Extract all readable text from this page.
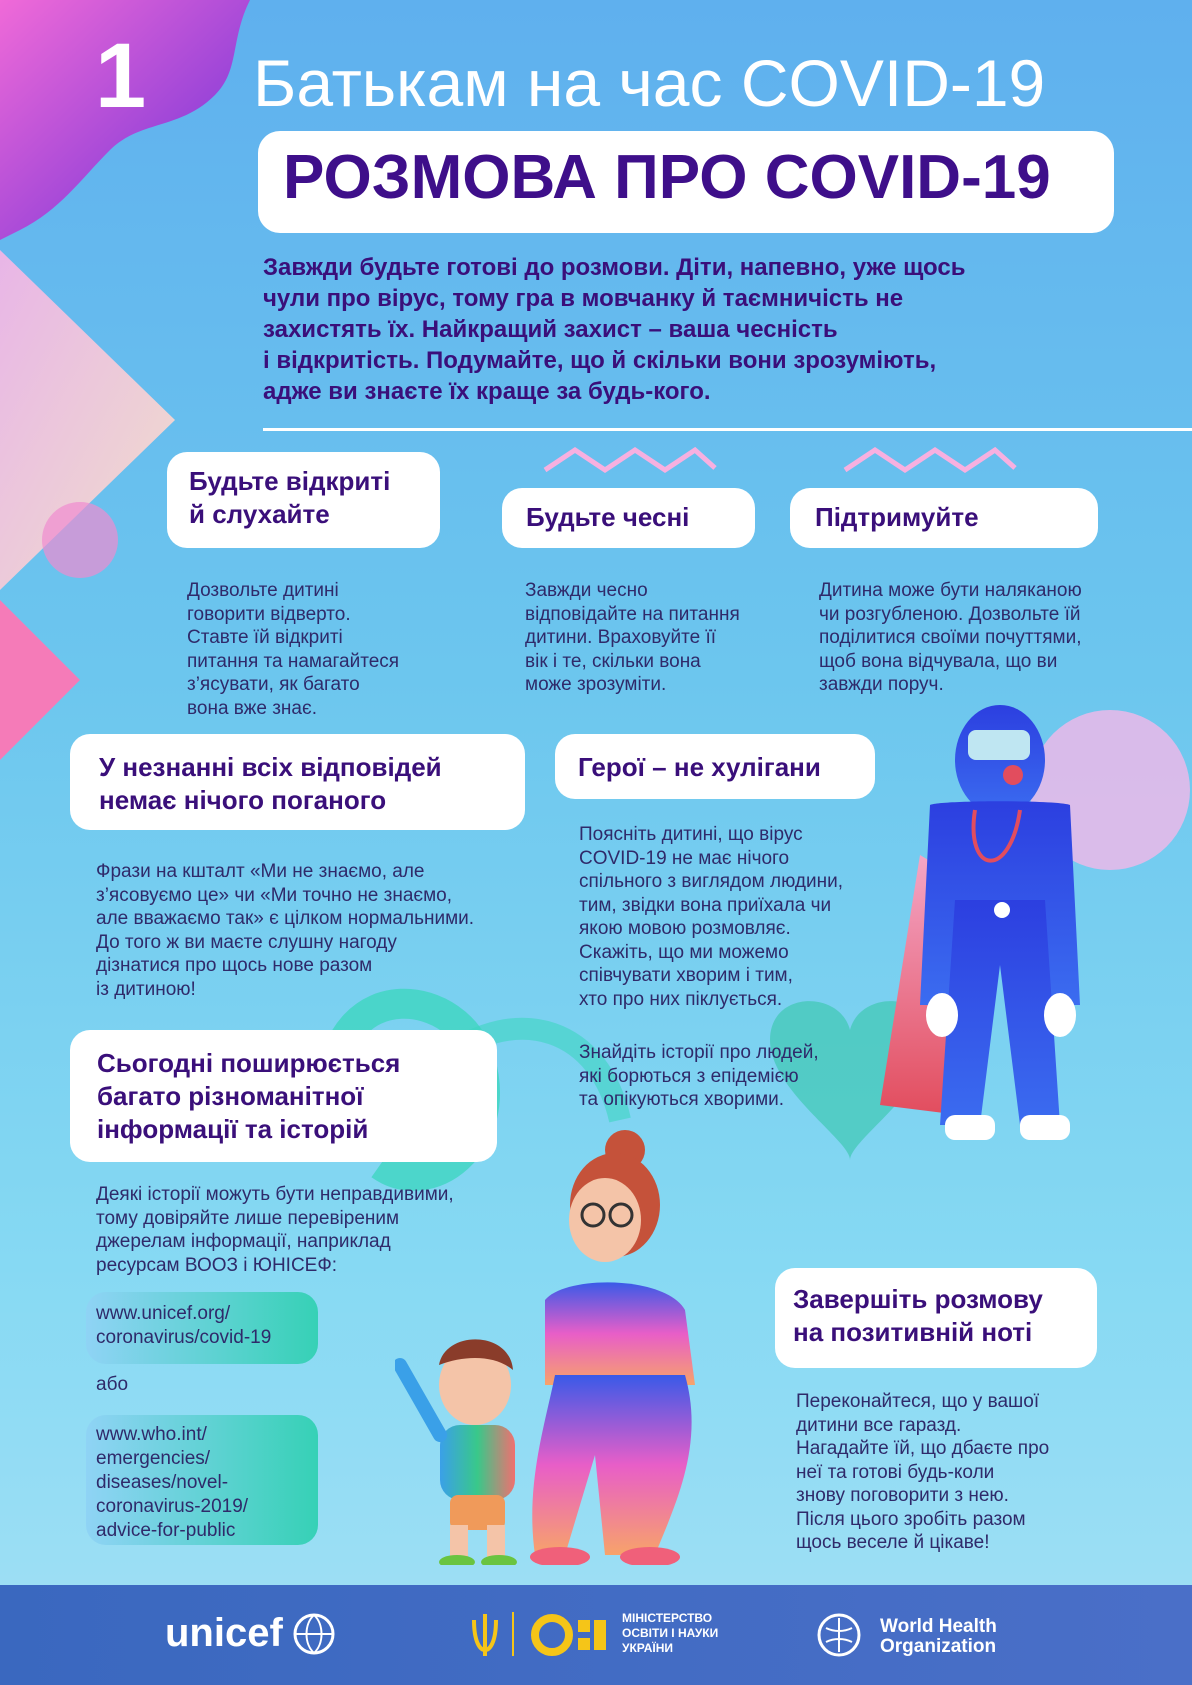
1 Батькам на час COVID-19
РОЗМОВА ПРО COVID-19
Завжди будьте готові до розмови. Діти, напевно, уже щось
чули про вірус, тому гра в мовчанку й таємничість не
захистять їх. Найкращий захист – ваша чесність
і відкритість. Подумайте, що й скільки вони зрозуміють,
адже ви знаєте їх краще за будь-кого.
Будьте відкриті
й слухайте
Дозвольте дитині
говорити відверто.
Ставте їй відкриті
питання та намагайтеся
з’ясувати, як багато
вона вже знає.
Будьте чесні
Завжди чесно
відповідайте на питання
дитини. Враховуйте її
вік і те, скільки вона
може зрозуміти.
Підтримуйте
Дитина може бути наляканою
чи розгубленою. Дозвольте їй
поділитися своїми почуттями,
щоб вона відчувала, що ви
завжди поруч.
У незнанні всіх відповідей
немає нічого поганого
Фрази на кшталт «Ми не знаємо, але
з’ясовуємо це» чи «Ми точно не знаємо,
але вважаємо так» є цілком нормальними.
До того ж ви маєте слушну нагоду
дізнатися про щось нове разом
із дитиною!
Герої – не хулігани
Поясніть дитині, що вірус
COVID-19 не має нічого
спільного з виглядом людини,
тим, звідки вона приїхала чи
якою мовою розмовляє.
Скажіть, що ми можемо
співчувати хворим і тим,
хто про них піклується.
Знайдіть історії про людей,
які борються з епідемією
та опікуються хворими.
Сьогодні поширюється
багато різноманітної
інформації та історій
Деякі історії можуть бути неправдивими,
тому довіряйте лише перевіреним
джерелам інформації, наприклад
ресурсам ВООЗ і ЮНІСЕФ:
www.unicef.org/
coronavirus/covid-19
або
www.who.int/
emergencies/
diseases/novel-
coronavirus-2019/
advice-for-public
Завершіть розмову
на позитивній ноті
Переконайтеся, що у вашої
дитини все гаразд.
Нагадайте їй, що дбаєте про
неї та готові будь-коли
знову поговорити з нею.
Після цього зробіть разом
щось веселе й цікаве!
unicef	МІНІСТЕРСТВО
ОСВІТИ І НАУКИ
УКРАЇНИ
World Health
Organization
